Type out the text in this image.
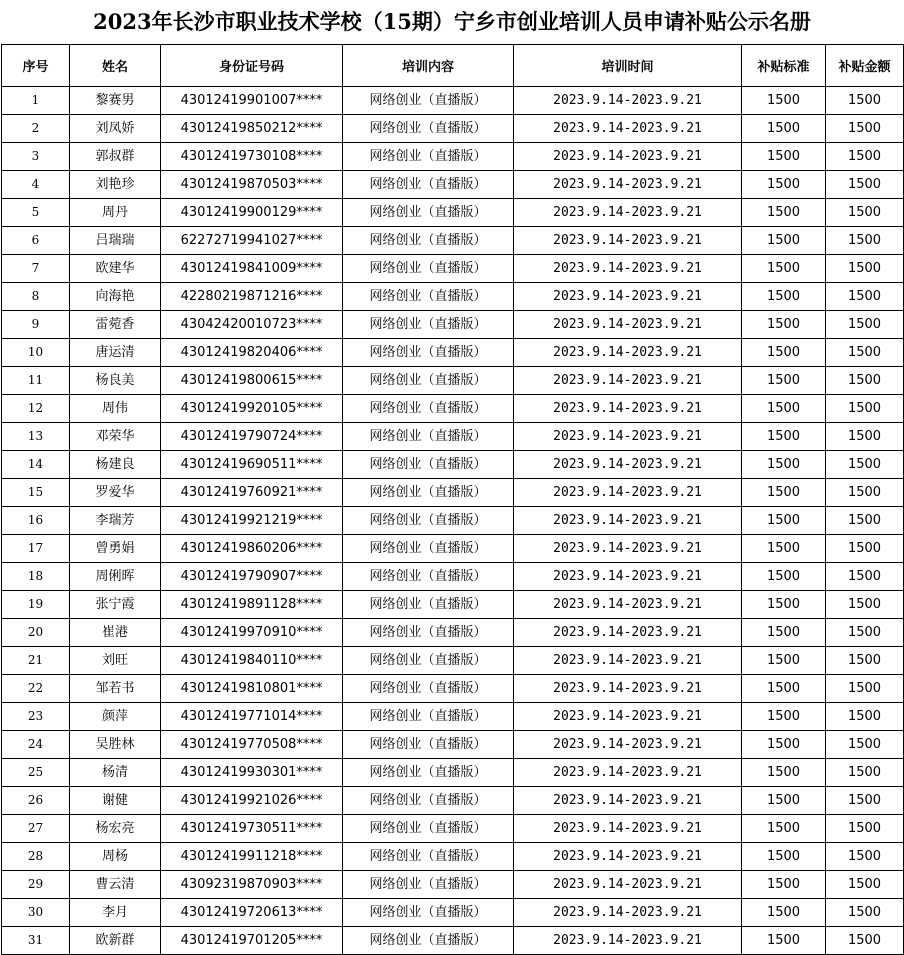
2023年长沙市职业技术学校（15期）宁乡市创业培训人员申请补贴公示名册
序号	姓名	身份证号码	培训内容	培训时间	补贴标准	补贴金额
1	黎赛男	43012419901007****	网络创业（直播版）	2023.9.14-2023.9.21	1500	1500
2	刘凤娇	43012419850212****	网络创业（直播版）	2023.9.14-2023.9.21	1500	1500
3	郭叔群	43012419730108****	网络创业（直播版）	2023.9.14-2023.9.21	1500	1500
4	刘艳珍	43012419870503****	网络创业（直播版）	2023.9.14-2023.9.21	1500	1500
5	周丹	43012419900129****	网络创业（直播版）	2023.9.14-2023.9.21	1500	1500
6	吕瑞瑞	62272719941027****	网络创业（直播版）	2023.9.14-2023.9.21	1500	1500
7	欧建华	43012419841009****	网络创业（直播版）	2023.9.14-2023.9.21	1500	1500
8	向海艳	42280219871216****	网络创业（直播版）	2023.9.14-2023.9.21	1500	1500
9	雷菀香	43042420010723****	网络创业（直播版）	2023.9.14-2023.9.21	1500	1500
10	唐运清	43012419820406****	网络创业（直播版）	2023.9.14-2023.9.21	1500	1500
11	杨良美	43012419800615****	网络创业（直播版）	2023.9.14-2023.9.21	1500	1500
12	周伟	43012419920105****	网络创业（直播版）	2023.9.14-2023.9.21	1500	1500
13	邓荣华	43012419790724****	网络创业（直播版）	2023.9.14-2023.9.21	1500	1500
14	杨建良	43012419690511****	网络创业（直播版）	2023.9.14-2023.9.21	1500	1500
15	罗爱华	43012419760921****	网络创业（直播版）	2023.9.14-2023.9.21	1500	1500
16	李瑞芳	43012419921219****	网络创业（直播版）	2023.9.14-2023.9.21	1500	1500
17	曾勇娟	43012419860206****	网络创业（直播版）	2023.9.14-2023.9.21	1500	1500
18	周俐晖	43012419790907****	网络创业（直播版）	2023.9.14-2023.9.21	1500	1500
19	张宁霞	43012419891128****	网络创业（直播版）	2023.9.14-2023.9.21	1500	1500
20	崔港	43012419970910****	网络创业（直播版）	2023.9.14-2023.9.21	1500	1500
21	刘旺	43012419840110****	网络创业（直播版）	2023.9.14-2023.9.21	1500	1500
22	邹若书	43012419810801****	网络创业（直播版）	2023.9.14-2023.9.21	1500	1500
23	颜萍	43012419771014****	网络创业（直播版）	2023.9.14-2023.9.21	1500	1500
24	吴胜林	43012419770508****	网络创业（直播版）	2023.9.14-2023.9.21	1500	1500
25	杨清	43012419930301****	网络创业（直播版）	2023.9.14-2023.9.21	1500	1500
26	谢健	43012419921026****	网络创业（直播版）	2023.9.14-2023.9.21	1500	1500
27	杨宏亮	43012419730511****	网络创业（直播版）	2023.9.14-2023.9.21	1500	1500
28	周杨	43012419911218****	网络创业（直播版）	2023.9.14-2023.9.21	1500	1500
29	曹云清	43092319870903****	网络创业（直播版）	2023.9.14-2023.9.21	1500	1500
30	李月	43012419720613****	网络创业（直播版）	2023.9.14-2023.9.21	1500	1500
31	欧新群	43012419701205****	网络创业（直播版）	2023.9.14-2023.9.21	1500	1500
